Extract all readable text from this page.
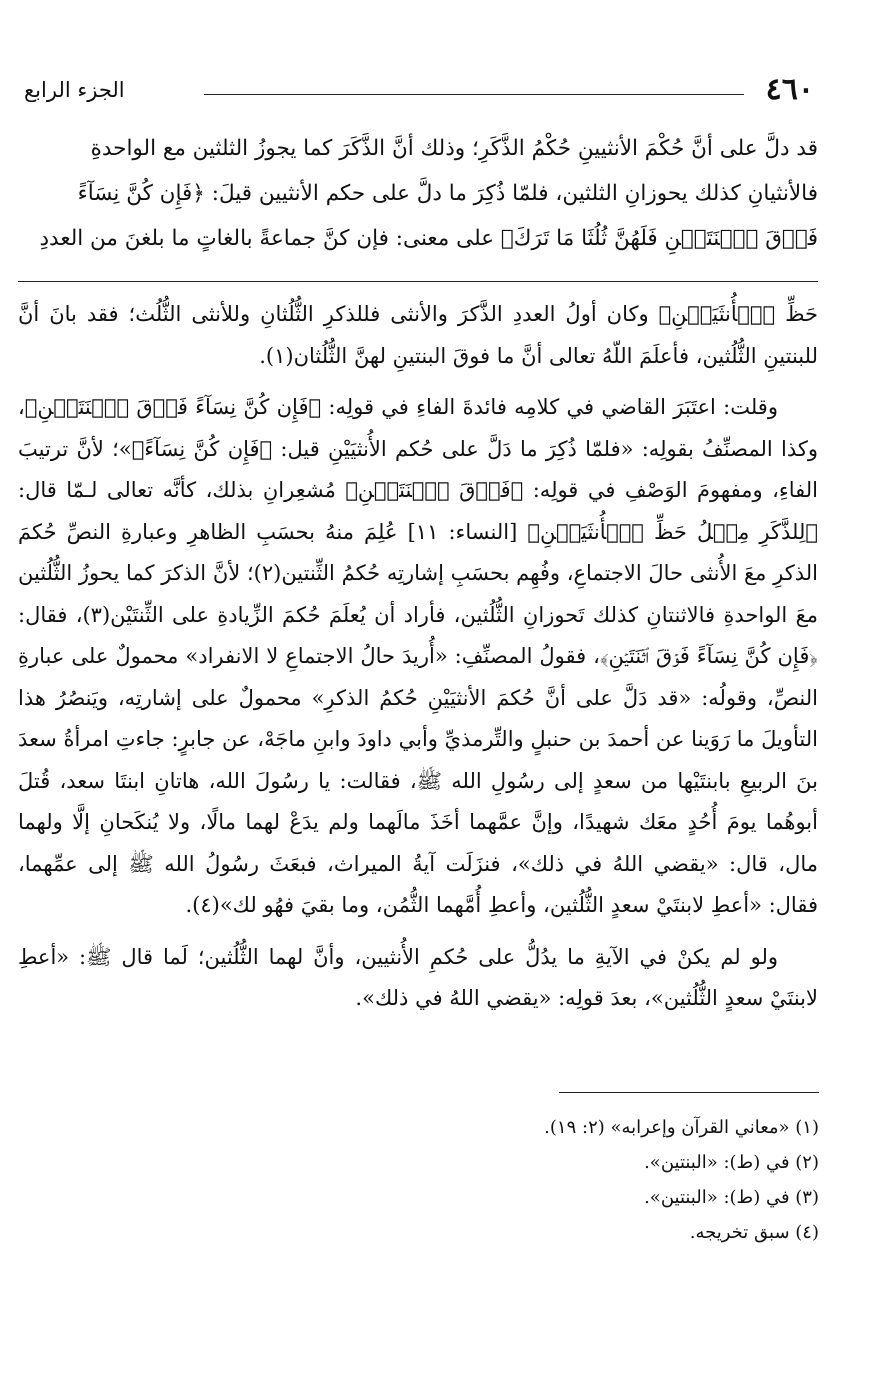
٤٦٠
الجزء الرابع

قد دلَّ على أنَّ حُكْمَ الأنثيينِ حُكْمُ الذَّكَرِ؛ وذلك أنَّ الذَّكَرَ كما يجوزُ الثلثين مع الواحدةِ

فالأنثيانِ كذلك يحوزانِ الثلثين، فلمّا ذُكِرَ ما دلَّ على حكم الأنثيين قيلَ: ﴿فَإِن كُنَّ نِسَآءً

فَوۡقَ ٱثۡنَتَيۡنِ فَلَهُنَّ ثُلُثَا مَا تَرَكَ﴾ على معنى: فإن كنَّ جماعةً بالغاتٍ ما بلغنَ من العددِ

حَظِّ ٱلۡأُنثَيَيۡنِ﴾ وكان أولُ العددِ الذَّكرَ والأنثى فللذكرِ الثُّلُثانِ وللأنثى الثُّلُث؛ فقد بانَ أنَّ للبنتينِ الثُّلُثين، فأعلَمَ اللّهُ تعالى أنَّ ما فوقَ البنتينِ لهنَّ الثُّلُثان(١).

وقلت: اعتَبَرَ القاضي في كلامِه فائدةَ الفاءِ في قولِه: ﴿فَإِن كُنَّ نِسَآءً فَوۡقَ ٱثۡنَتَيۡنِ﴾، وكذا المصنِّفُ بقولِه: «فلمّا ذُكِرَ ما دَلَّ على حُكم الأُنثيَيْنِ قيل: ﴿فَإِن كُنَّ نِسَآءً﴾»؛ لأنَّ ترتيبَ الفاءِ، ومفهومَ الوَصْفِ في قولِه: ﴿فَوۡقَ ٱثۡنَتَيۡنِ﴾ مُشعِرانِ بذلك، كأنَّه تعالى لـمّا قال: ﴿لِلذَّكَرِ مِثۡلُ حَظِّ ٱلۡأُنثَيَيۡنِ﴾ [النساء: ١١] عُلِمَ منهُ بحسَبِ الظاهرِ وعبارةِ النصِّ حُكمَ الذكرِ معَ الأُنثى حالَ الاجتماعِ، وفُهِم بحسَبِ إشارتِه حُكمُ الثِّنتين(٢)؛ لأنَّ الذكرَ كما يحوزُ الثُّلُثين معَ الواحدةِ فالاثنتانِ كذلك تَحوزانِ الثُّلُثين، فأراد أن يُعلَمَ حُكمَ الزِّيادةِ على الثِّنتَيْن(٣)، فقال: ﴿فَإِن كُنَّ نِسَآءً فَوۡقَ ٱثۡنَتَيۡنِ﴾، فقولُ المصنِّفِ: «أُريدَ حالُ الاجتماعِ لا الانفراد» محمولٌ على عبارةِ النصِّ، وقولُه: «قد دَلَّ على أنَّ حُكمَ الأنثيَيْنِ حُكمُ الذكرِ» محمولٌ على إشارتِه، ويَنصُرُ هذا التأويلَ ما رَوَينا عن أحمدَ بن حنبلٍ والتِّرمذيِّ وأبي داودَ وابنِ ماجَهْ، عن جابرٍ: جاءتِ امرأةُ سعدَ بنَ الربيعِ بابنتَيْها من سعدٍ إلى رسُولِ الله ﷺ، فقالت: يا رسُولَ الله، هاتانِ ابنتَا سعد، قُتلَ أبوهُما يومَ أُحُدٍ معَك شهيدًا، وإنَّ عمَّهما أخَذَ مالَهما ولم يدَعْ لهما مالًا، ولا يُنكَحانِ إلَّا ولهما مال، قال: «يقضي اللهُ في ذلك»، فنزَلَت آيةُ الميراث، فبعَثَ رسُولُ الله ﷺ إلى عمِّهما، فقال: «أعطِ لابنتَيْ سعدٍ الثُّلُثين، وأعطِ أُمَّهما الثُّمُن، وما بقيَ فهُو لك»(٤).

ولو لم يكنْ في الآيةِ ما يدُلُّ على حُكمِ الأُنثيين، وأنَّ لهما الثُّلُثين؛ لَما قال ﷺ: «أعطِ لابنتَيْ سعدٍ الثُّلُثين»، بعدَ قولِه: «يقضي اللهُ في ذلك».

(١) «معاني القرآن وإعرابه» (٢: ١٩).
(٢) في (ط): «البنتين».
(٣) في (ط): «البنتين».
(٤) سبق تخريجه.
